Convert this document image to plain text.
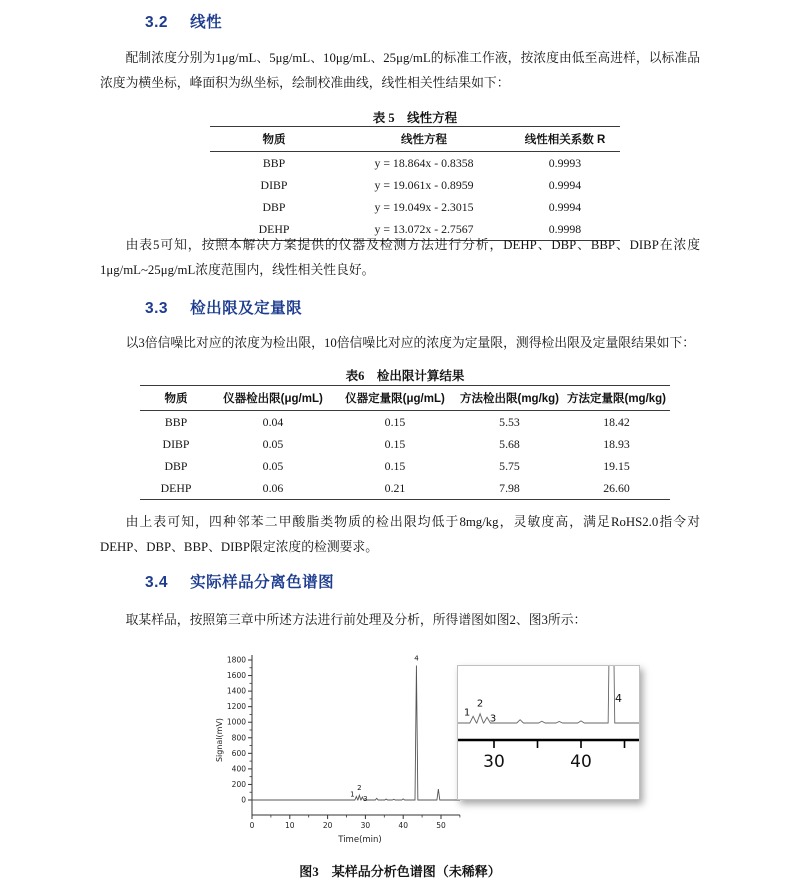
3.2 线性

配制浓度分别为1μg/mL、5μg/mL、10μg/mL、25μg/mL的标准工作液，按浓度由低至高进样，以标准品浓度为横坐标，峰面积为纵坐标，绘制校准曲线，线性相关性结果如下：

表 5　线性方程

物质	线性方程	线性相关系数 R
BBP	y = 18.864x - 0.8358	0.9993
DIBP	y = 19.061x - 0.8959	0.9994
DBP	y = 19.049x - 2.3015	0.9994
DEHP	y = 13.072x - 2.7567	0.9998

由表5可知，按照本解决方案提供的仪器及检测方法进行分析，DEHP、DBP、BBP、DIBP在浓度1μg/mL~25μg/mL浓度范围内，线性相关性良好。

3.3 检出限及定量限

以3倍信噪比对应的浓度为检出限，10倍信噪比对应的浓度为定量限，测得检出限及定量限结果如下：

表6　检出限计算结果

物质	仪器检出限(μg/mL)	仪器定量限(μg/mL)	方法检出限(mg/kg)	方法定量限(mg/kg)
BBP	0.04	0.15	5.53	18.42
DIBP	0.05	0.15	5.68	18.93
DBP	0.05	0.15	5.75	19.15
DEHP	0.06	0.21	7.98	26.60

由上表可知，四种邻苯二甲酸脂类物质的检出限均低于8mg/kg，灵敏度高，满足RoHS2.0指令对DEHP、DBP、BBP、DIBP限定浓度的检测要求。

3.4 实际样品分离色谱图

取某样品，按照第三章中所述方法进行前处理及分析，所得谱图如图2、图3所示：

0
200
400
600
800
1000
1200
1400
1600
1800
0	10	20	30	40	50
Signal(mV)
Time(min)
1
2
3
4
30	40
1
2
3
4

图3　某样品分析色谱图（未稀释）
